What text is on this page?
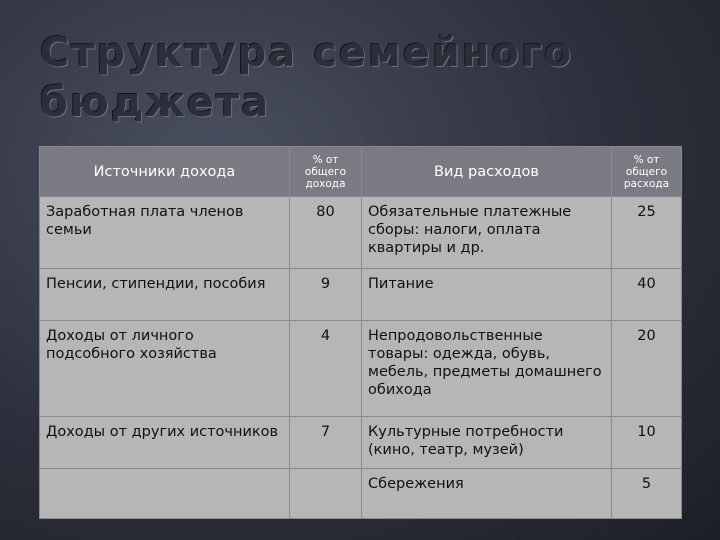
Структура семейного бюджета
Источники дохода	% от общего дохода	Вид расходов	% от общего расхода
Заработная плата членов семьи	80	Обязательные платежные сборы: налоги, оплата квартиры и др.	25
Пенсии, стипендии, пособия	9	Питание	40
Доходы от личного подсобного хозяйства	4	Непродовольственные товары: одежда, обувь, мебель, предметы домашнего обихода	20
Доходы от других источников	7	Культурные потребности (кино, театр, музей)	10
		Сбережения	5
